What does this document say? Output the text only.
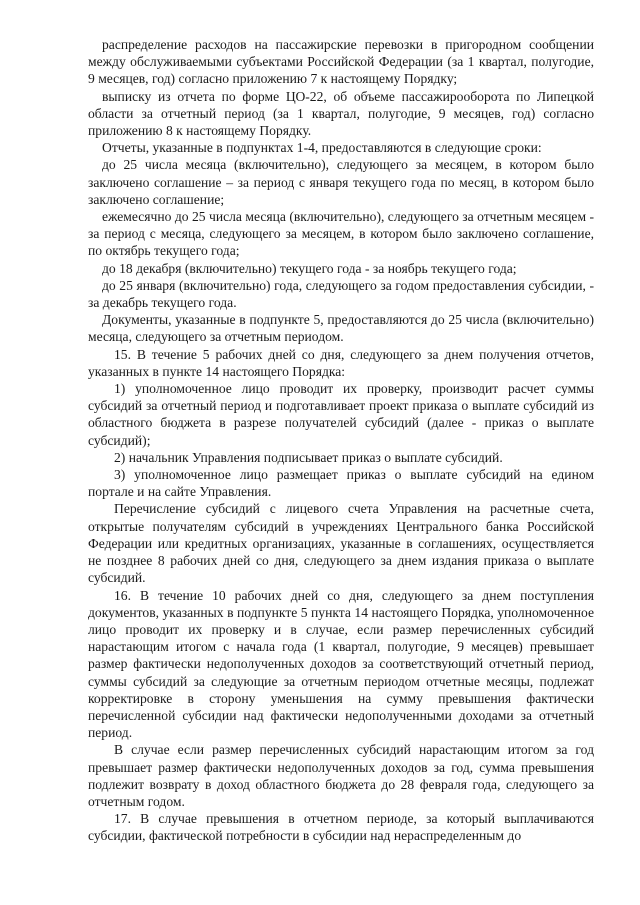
распределение расходов на пассажирские перевозки в пригородном сообщении между обслуживаемыми субъектами Российской Федерации (за 1 квартал, полугодие, 9 месяцев, год) согласно приложению 7 к настоящему Порядку;

выписку из отчета по форме ЦО-22, об объеме пассажирооборота по Липецкой области за отчетный период (за 1 квартал, полугодие, 9 месяцев, год) согласно приложению 8 к настоящему Порядку.

Отчеты, указанные в подпунктах 1-4, предоставляются в следующие сроки:

до 25 числа месяца (включительно), следующего за месяцем, в котором было заключено соглашение – за период с января текущего года по месяц, в котором было заключено соглашение;

ежемесячно до 25 числа месяца (включительно), следующего за отчетным месяцем - за период с месяца, следующего за месяцем, в котором было заключено соглашение, по октябрь текущего года;

до 18 декабря (включительно) текущего года - за ноябрь текущего года;

до 25 января (включительно) года, следующего за годом предоставления субсидии, - за декабрь текущего года.

Документы, указанные в подпункте 5, предоставляются до 25 числа (включительно) месяца, следующего за отчетным периодом.

15. В течение 5 рабочих дней со дня, следующего за днем получения отчетов, указанных в пункте 14 настоящего Порядка:

1) уполномоченное лицо проводит их проверку, производит расчет суммы субсидий за отчетный период и подготавливает проект приказа о выплате субсидий из областного бюджета в разрезе получателей субсидий (далее - приказ о выплате субсидий);

2) начальник Управления подписывает приказ о выплате субсидий.

3) уполномоченное лицо размещает приказ о выплате субсидий на едином портале и на сайте Управления.

Перечисление субсидий с лицевого счета Управления на расчетные счета, открытые получателям субсидий в учреждениях Центрального банка Российской Федерации или кредитных организациях, указанные в соглашениях, осуществляется не позднее 8 рабочих дней со дня, следующего за днем издания приказа о выплате субсидий.

16. В течение 10 рабочих дней со дня, следующего за днем поступления документов, указанных в подпункте 5 пункта 14 настоящего Порядка, уполномоченное лицо проводит их проверку и в случае, если размер перечисленных субсидий нарастающим итогом с начала года (1 квартал, полугодие, 9 месяцев) превышает размер фактически недополученных доходов за соответствующий отчетный период, суммы субсидий за следующие за отчетным периодом отчетные месяцы, подлежат корректировке в сторону уменьшения на сумму превышения фактически перечисленной субсидии над фактически недополученными доходами за отчетный период.

В случае если размер перечисленных субсидий нарастающим итогом за год превышает размер фактически недополученных доходов за год, сумма превышения подлежит возврату в доход областного бюджета до 28 февраля года, следующего за отчетным годом.

17. В случае превышения в отчетном периоде, за который выплачиваются субсидии, фактической потребности в субсидии над нераспределенным до
